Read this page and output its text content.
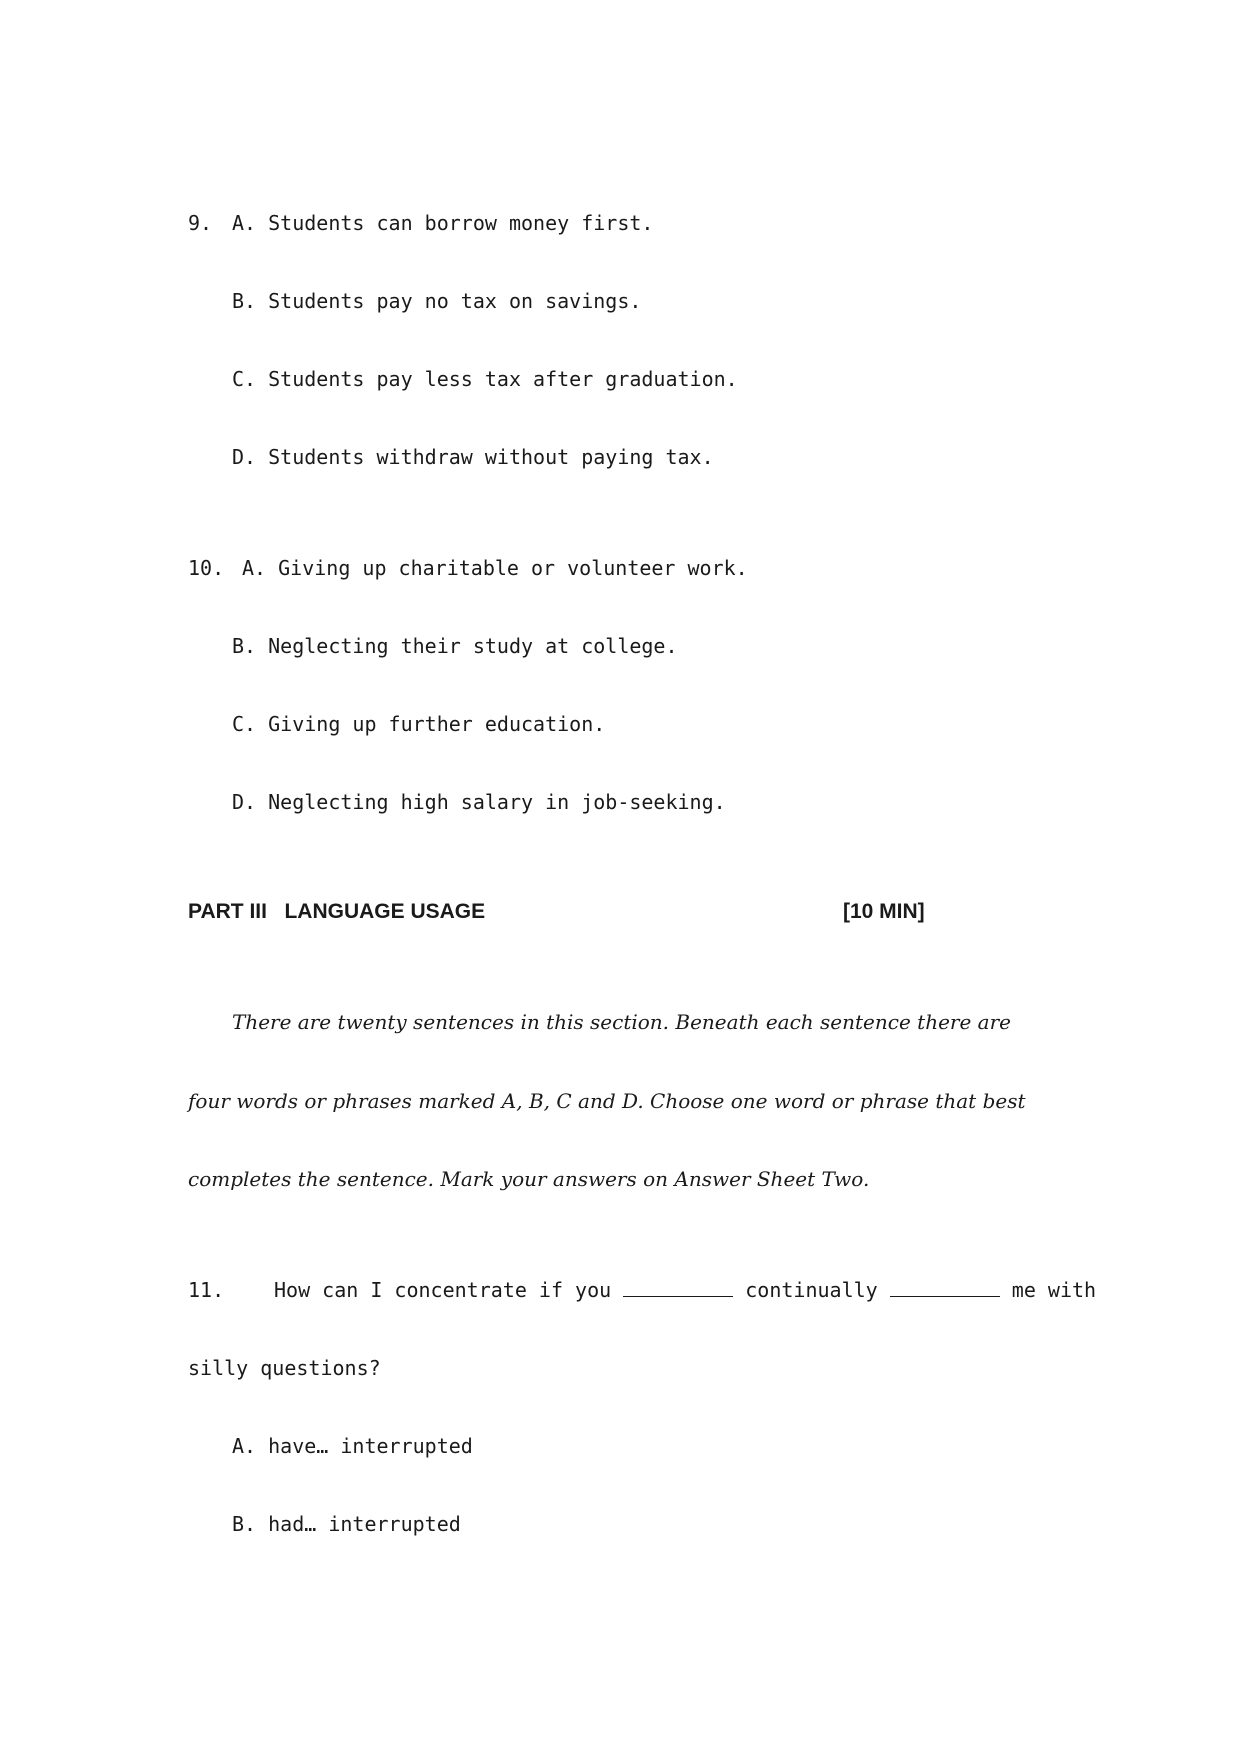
9. A. Students can borrow money first.
B. Students pay no tax on savings.
C. Students pay less tax after graduation.
D. Students withdraw without paying tax.
10. A. Giving up charitable or volunteer work.
B. Neglecting their study at college.
C. Giving up further education.
D. Neglecting high salary in job-seeking.
PART III   LANGUAGE USAGE	[10 MIN]
There are twenty sentences in this section. Beneath each sentence there are
four words or phrases marked A, B, C and D. Choose one word or phrase that best
completes the sentence. Mark your answers on Answer Sheet Two.
11. How can I concentrate if you	continually	me with
silly questions?
A. have… interrupted
B. had… interrupted
